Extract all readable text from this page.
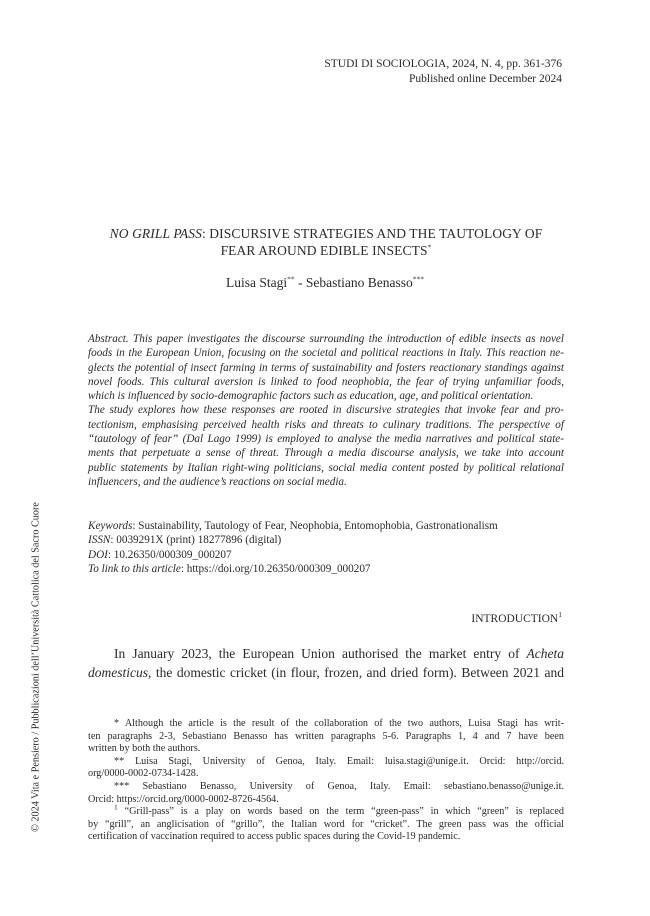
STUDI DI SOCIOLOGIA, 2024, N. 4, pp. 361-376
Published online December 2024
NO GRILL PASS: DISCURSIVE STRATEGIES AND THE TAUTOLOGY OF
FEAR AROUND EDIBLE INSECTS*
Luisa Stagi** - Sebastiano Benasso***
Abstract. This paper investigates the discourse surrounding the introduction of edible insects as novel
foods in the European Union, focusing on the societal and political reactions in Italy. This reaction ne-
glects the potential of insect farming in terms of sustainability and fosters reactionary standings against
novel foods. This cultural aversion is linked to food neophobia, the fear of trying unfamiliar foods,
which is influenced by socio-demographic factors such as education, age, and political orientation.
The study explores how these responses are rooted in discursive strategies that invoke fear and pro-
tectionism, emphasising perceived health risks and threats to culinary traditions. The perspective of
“tautology of fear” (Dal Lago 1999) is employed to analyse the media narratives and political state-
ments that perpetuate a sense of threat. Through a media discourse analysis, we take into account
public statements by Italian right-wing politicians, social media content posted by political relational
influencers, and the audience’s reactions on social media.
Keywords: Sustainability, Tautology of Fear, Neophobia, Entomophobia, Gastronationalism
ISSN: 0039291X (print) 18277896 (digital)
DOI: 10.26350/000309_000207
To link to this article: https://doi.org/10.26350/000309_000207
INTRODUCTION$^1$
In January 2023, the European Union authorised the market entry of Acheta
domesticus, the domestic cricket (in flour, frozen, and dried form). Between 2021 and
* Although the article is the result of the collaboration of the two authors, Luisa Stagi has writ-
ten paragraphs 2-3, Sebastiano Benasso has written paragraphs 5-6. Paragraphs 1, 4 and 7 have been
written by both the authors.
** Luisa Stagi, University of Genoa, Italy. Email: luisa.stagi@unige.it. Orcid: http://orcid.
org/0000-0002-0734-1428.
*** Sebastiano Benasso, University of Genoa, Italy. Email: sebastiano.benasso@unige.it.
Orcid: https://orcid.org/0000-0002-8726-4564.
$^1$ “Grill-pass” is a play on words based on the term “green-pass” in which “green” is replaced
by “grill”, an anglicisation of “grillo”, the Italian word for “cricket”. The green pass was the official
certification of vaccination required to access public spaces during the Covid-19 pandemic.
© 2024 Vita e Pensiero / Pubblicazioni dell’Università Cattolica del Sacro Cuore
